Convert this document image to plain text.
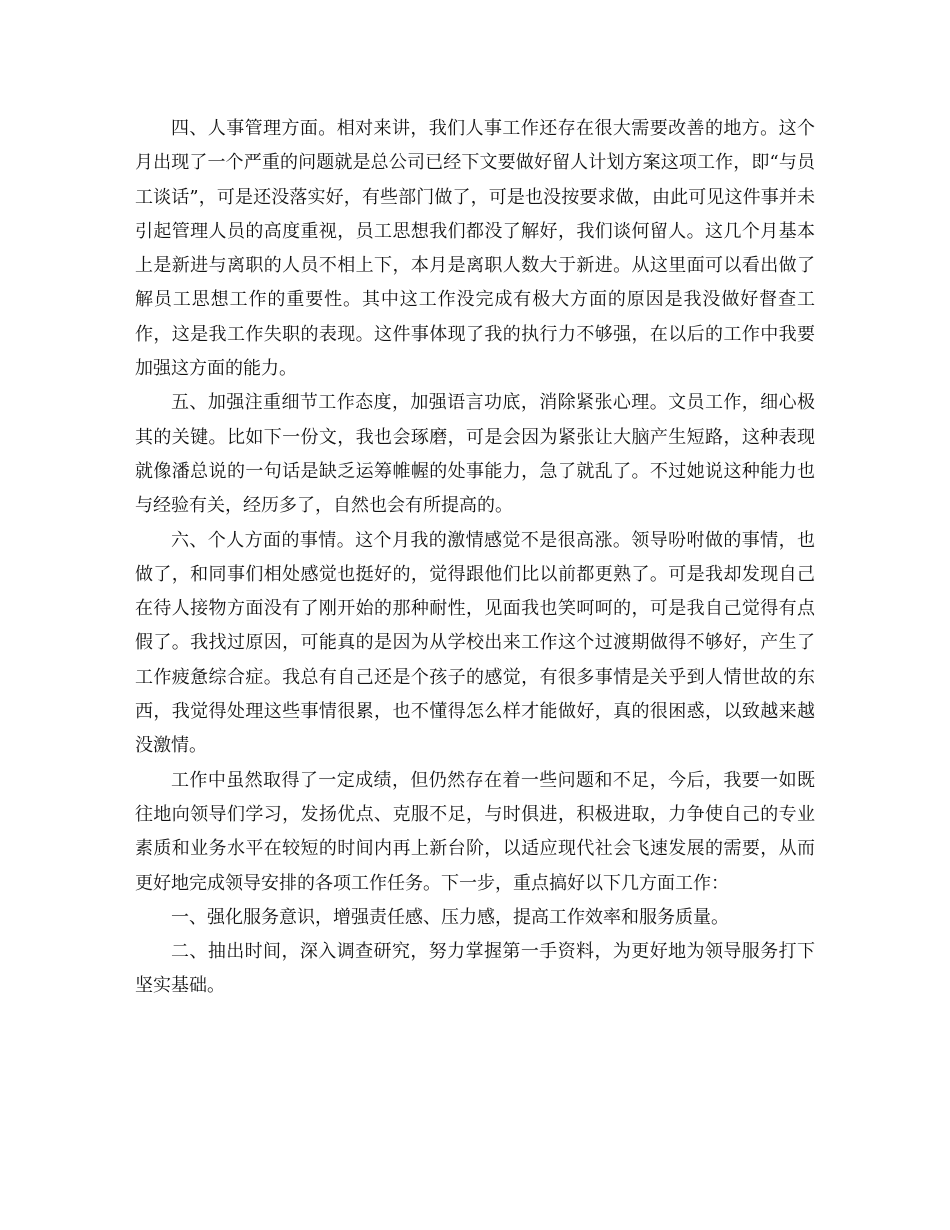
四、人事管理方面。相对来讲，我们人事工作还存在很大需要改善的地方。这个月出现了一个严重的问题就是总公司已经下文要做好留人计划方案这项工作，即“与员工谈话”，可是还没落实好，有些部门做了，可是也没按要求做，由此可见这件事并未引起管理人员的高度重视，员工思想我们都没了解好，我们谈何留人。这几个月基本上是新进与离职的人员不相上下，本月是离职人数大于新进。从这里面可以看出做了解员工思想工作的重要性。其中这工作没完成有极大方面的原因是我没做好督查工作，这是我工作失职的表现。这件事体现了我的执行力不够强，在以后的工作中我要加强这方面的能力。

五、加强注重细节工作态度，加强语言功底，消除紧张心理。文员工作，细心极其的关键。比如下一份文，我也会琢磨，可是会因为紧张让大脑产生短路，这种表现就像潘总说的一句话是缺乏运筹帷幄的处事能力，急了就乱了。不过她说这种能力也与经验有关，经历多了，自然也会有所提高的。

六、个人方面的事情。这个月我的激情感觉不是很高涨。领导吩咐做的事情，也做了，和同事们相处感觉也挺好的，觉得跟他们比以前都更熟了。可是我却发现自己在待人接物方面没有了刚开始的那种耐性，见面我也笑呵呵的，可是我自己觉得有点假了。我找过原因，可能真的是因为从学校出来工作这个过渡期做得不够好，产生了工作疲惫综合症。我总有自己还是个孩子的感觉，有很多事情是关乎到人情世故的东西，我觉得处理这些事情很累，也不懂得怎么样才能做好，真的很困惑，以致越来越没激情。

工作中虽然取得了一定成绩，但仍然存在着一些问题和不足，今后，我要一如既往地向领导们学习，发扬优点、克服不足，与时俱进，积极进取，力争使自己的专业素质和业务水平在较短的时间内再上新台阶，以适应现代社会飞速发展的需要，从而更好地完成领导安排的各项工作任务。下一步，重点搞好以下几方面工作：

一、强化服务意识，增强责任感、压力感，提高工作效率和服务质量。

二、抽出时间，深入调查研究，努力掌握第一手资料，为更好地为领导服务打下坚实基础。
